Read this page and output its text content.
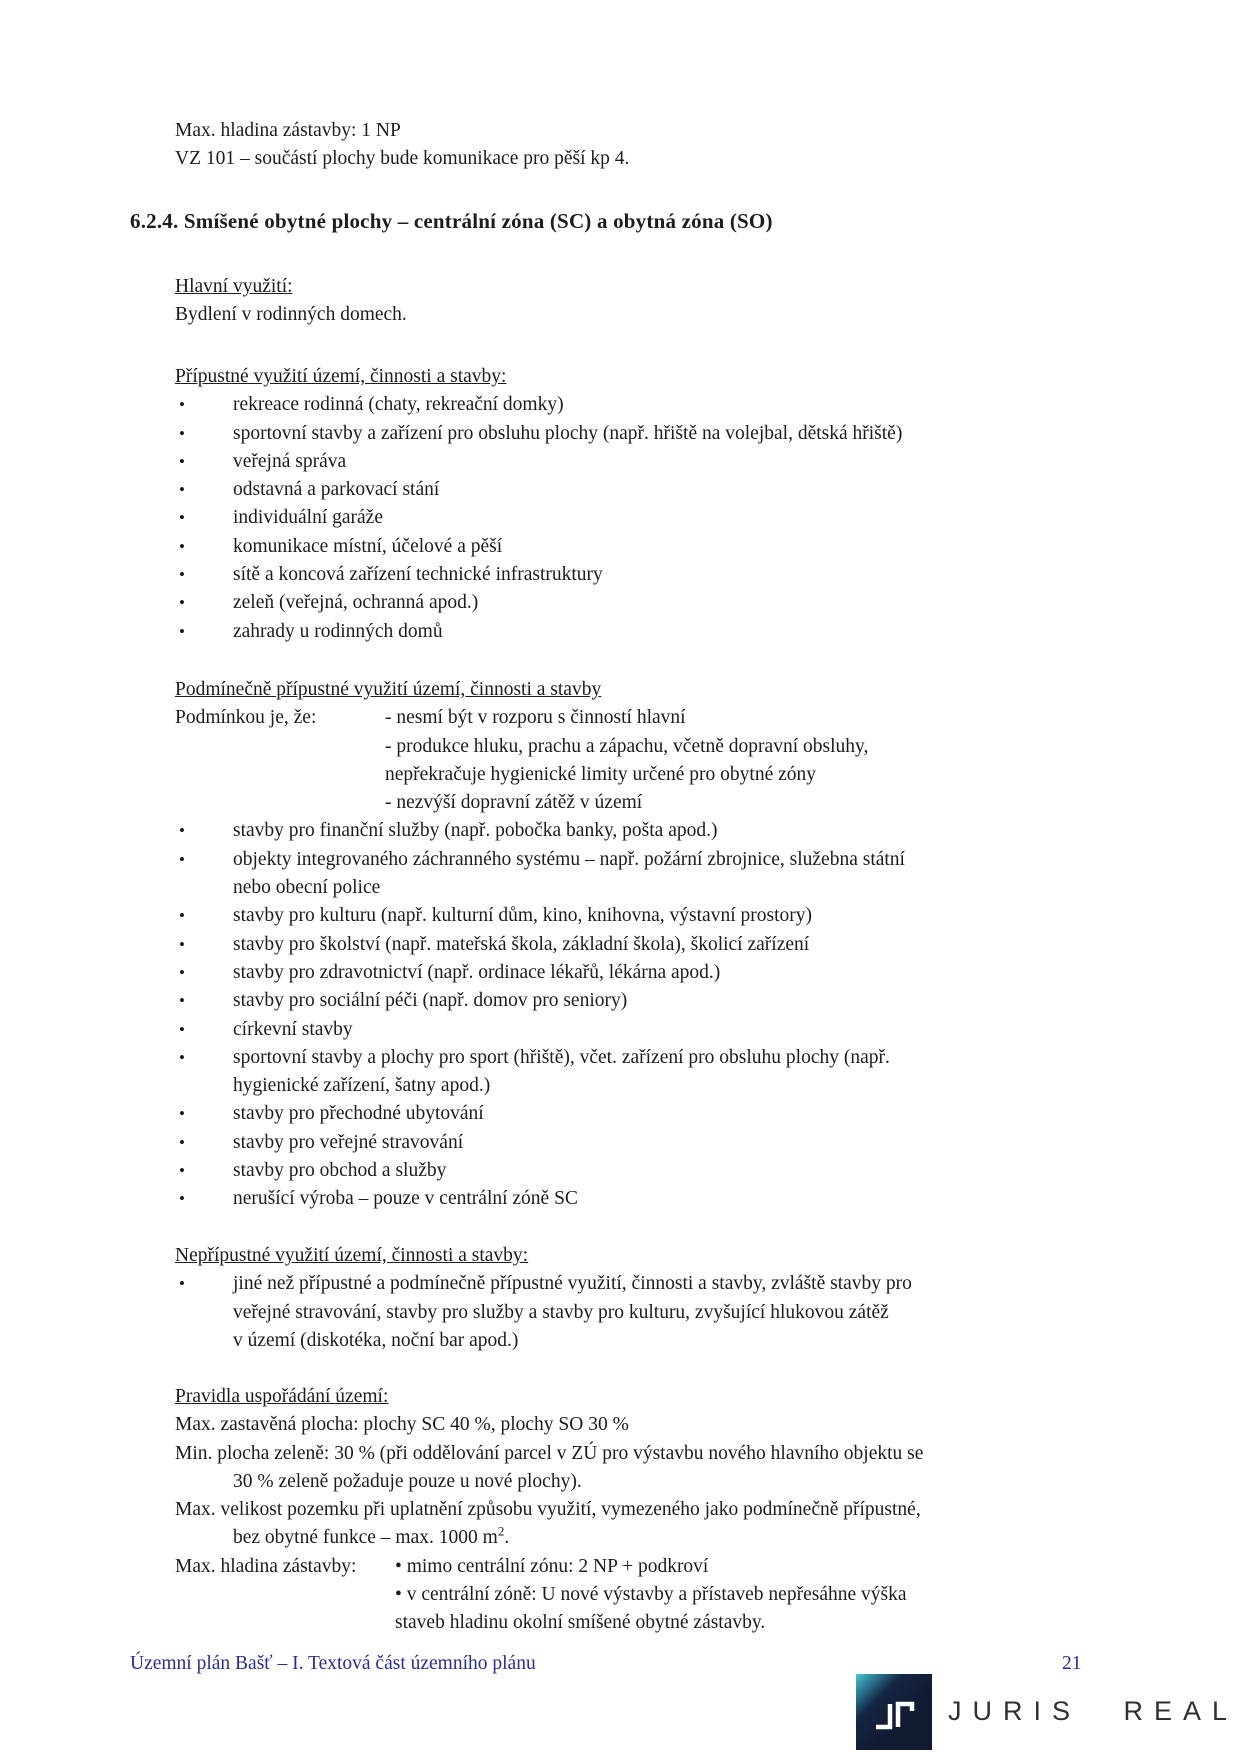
Max. hladina zástavby: 1 NP
VZ 101 – součástí plochy bude komunikace pro pěší kp 4.
6.2.4. Smíšené obytné plochy – centrální zóna (SC) a obytná zóna (SO)
Hlavní využití:
Bydlení v rodinných domech.
Přípustné využití území, činnosti a stavby:
•
rekreace rodinná (chaty, rekreační domky)
•
sportovní stavby a zařízení pro obsluhu plochy (např. hřiště na volejbal, dětská hřiště)
•
veřejná správa
•
odstavná a parkovací stání
•
individuální garáže
•
komunikace místní, účelové a pěší
•
sítě a koncová zařízení technické infrastruktury
•
zeleň (veřejná, ochranná apod.)
•
zahrady u rodinných domů
Podmínečně přípustné využití území, činnosti a stavby
Podmínkou je, že:	- nesmí být v rozporu s činností hlavní
- produkce hluku, prachu a zápachu, včetně dopravní obsluhy,
nepřekračuje hygienické limity určené pro obytné zóny
- nezvýší dopravní zátěž v území
•
stavby pro finanční služby (např. pobočka banky, pošta apod.)
•
objekty integrovaného záchranného systému – např. požární zbrojnice, služebna státní
nebo obecní police
•
stavby pro kulturu (např. kulturní dům, kino, knihovna, výstavní prostory)
•
stavby pro školství (např. mateřská škola, základní škola), školicí zařízení
•
stavby pro zdravotnictví (např. ordinace lékařů, lékárna apod.)
•
stavby pro sociální péči (např. domov pro seniory)
•
církevní stavby
•
sportovní stavby a plochy pro sport (hřiště), včet. zařízení pro obsluhu plochy (např.
hygienické zařízení, šatny apod.)
•
stavby pro přechodné ubytování
•
stavby pro veřejné stravování
•
stavby pro obchod a služby
•
nerušící výroba – pouze v centrální zóně SC
Nepřípustné využití území, činnosti a stavby:
•
jiné než přípustné a podmínečně přípustné využití, činnosti a stavby, zvláště stavby pro
veřejné stravování, stavby pro služby a stavby pro kulturu, zvyšující hlukovou zátěž
v území (diskotéka, noční bar apod.)
Pravidla uspořádání území:
Max. zastavěná plocha: plochy SC 40 %, plochy SO 30 %
Min. plocha zeleně: 30 % (při oddělování parcel v ZÚ pro výstavbu nového hlavního objektu se
30 % zeleně požaduje pouze u nové plochy).
Max. velikost pozemku při uplatnění způsobu využití, vymezeného jako podmínečně přípustné,
bez obytné funkce – max. 1000 $m^2$.
Max. hladina zástavby: • mimo centrální zónu: 2 NP + podkroví
• v centrální zóně: U nové výstavby a přístaveb nepřesáhne výška
staveb hladinu okolní smíšené obytné zástavby.
Územní plán Bašť – I. Textová část územního plánu	21
JURIS REAL
